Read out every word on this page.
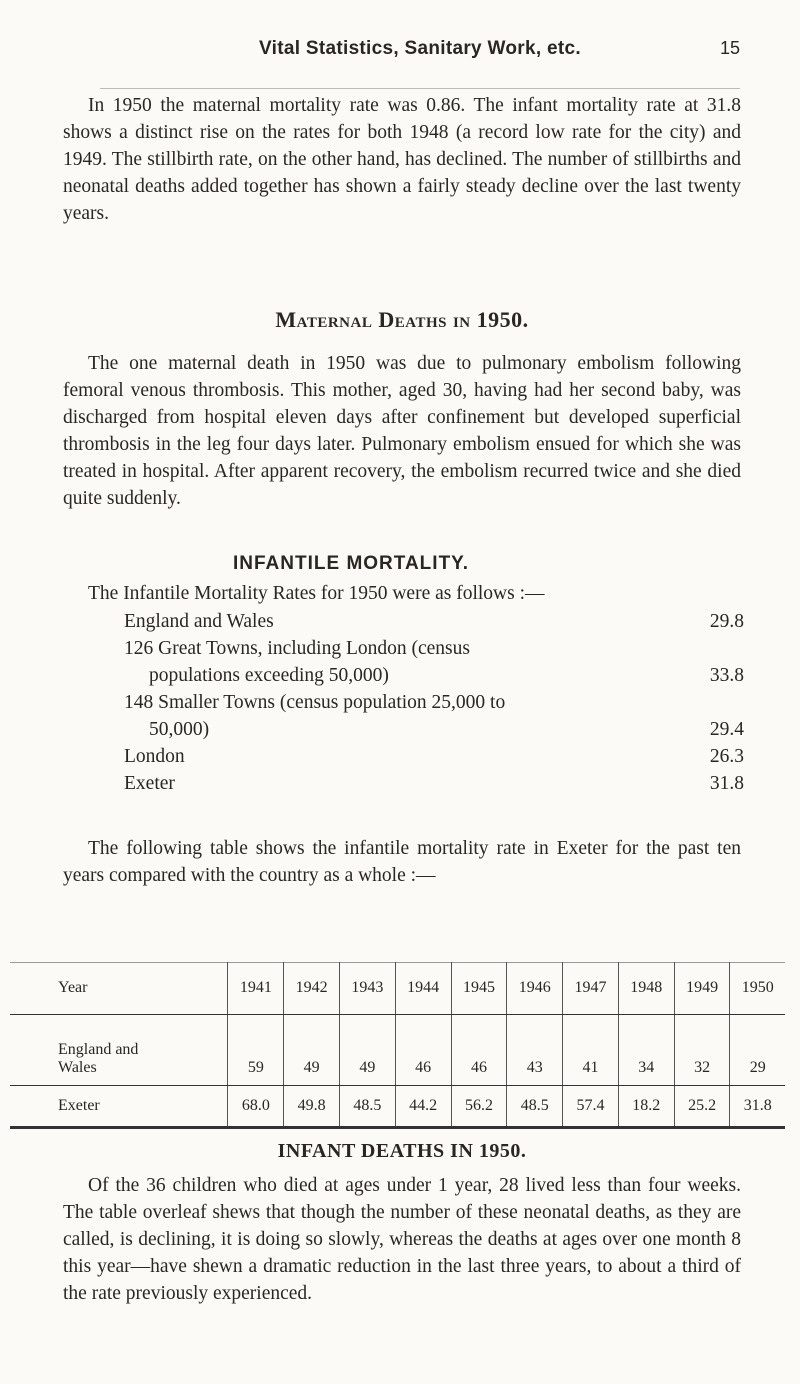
Vital Statistics, Sanitary Work, etc.	15

In 1950 the maternal mortality rate was 0.86. The infant mortality rate at 31.8 shows a distinct rise on the rates for both 1948 (a record low rate for the city) and 1949. The stillbirth rate, on the other hand, has declined. The number of stillbirths and neonatal deaths added together has shown a fairly steady decline over the last twenty years.

Maternal Deaths in 1950.

The one maternal death in 1950 was due to pulmonary embolism following femoral venous thrombosis. This mother, aged 30, having had her second baby, was discharged from hospital eleven days after confinement but developed superficial thrombosis in the leg four days later. Pulmonary embolism ensued for which she was treated in hospital. After apparent recovery, the embolism recurred twice and she died quite suddenly.

INFANTILE MORTALITY.

The Infantile Mortality Rates for 1950 were as follows :—

England and Wales	29.8
126 Great Towns, including London (census
populations exceeding 50,000)	33.8
148 Smaller Towns (census population 25,000 to
50,000)	29.4
London	26.3
Exeter	31.8

The following table shows the infantile mortality rate in Exeter for the past ten years compared with the country as a whole :—

Year	1941	1942	1943	1944	1945	1946	1947	1948	1949	1950
England and
Wales	59	49	49	46	46	43	41	34	32	29
Exeter	68.0	49.8	48.5	44.2	56.2	48.5	57.4	18.2	25.2	31.8
INFANT DEATHS IN 1950.

Of the 36 children who died at ages under 1 year, 28 lived less than four weeks. The table overleaf shews that though the number of these neonatal deaths, as they are called, is declining, it is doing so slowly, whereas the deaths at ages over one month 8 this year—have shewn a dramatic reduction in the last three years, to about a third of the rate previously experienced.
